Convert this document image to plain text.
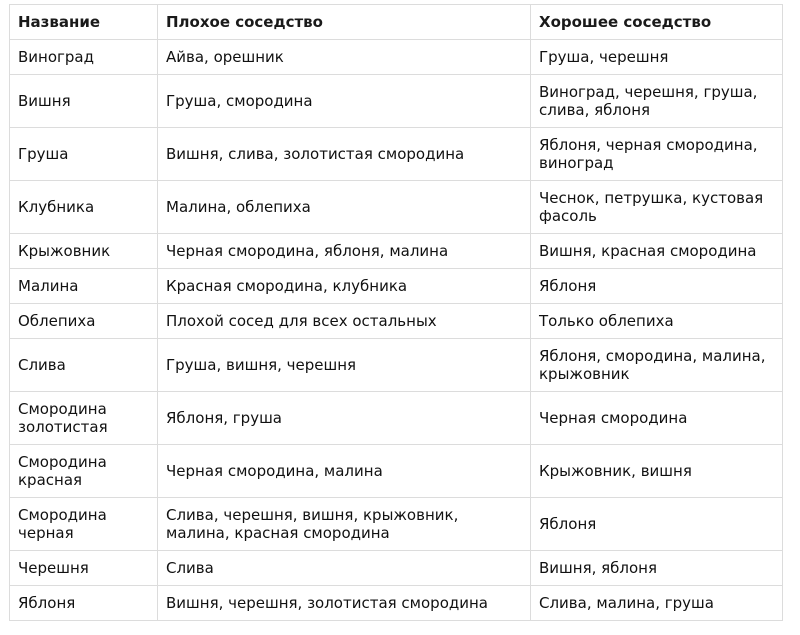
Название	Плохое соседство	Хорошее соседство
Виноград	Айва, орешник	Груша, черешня
Вишня	Груша, смородина	Виноград, черешня, груша, слива, яблоня
Груша	Вишня, слива, золотистая смородина	Яблоня, черная смородина, виноград
Клубника	Малина, облепиха	Чеснок, петрушка, кустовая фасоль
Крыжовник	Черная смородина, яблоня, малина	Вишня, красная смородина
Малина	Красная смородина, клубника	Яблоня
Облепиха	Плохой сосед для всех остальных	Только облепиха
Слива	Груша, вишня, черешня	Яблоня, смородина, малина, крыжовник
Смородина золотистая	Яблоня, груша	Черная смородина
Смородина красная	Черная смородина, малина	Крыжовник, вишня
Смородина черная	Слива, черешня, вишня, крыжовник, малина, красная смородина	Яблоня
Черешня	Слива	Вишня, яблоня
Яблоня	Вишня, черешня, золотистая смородина	Слива, малина, груша
